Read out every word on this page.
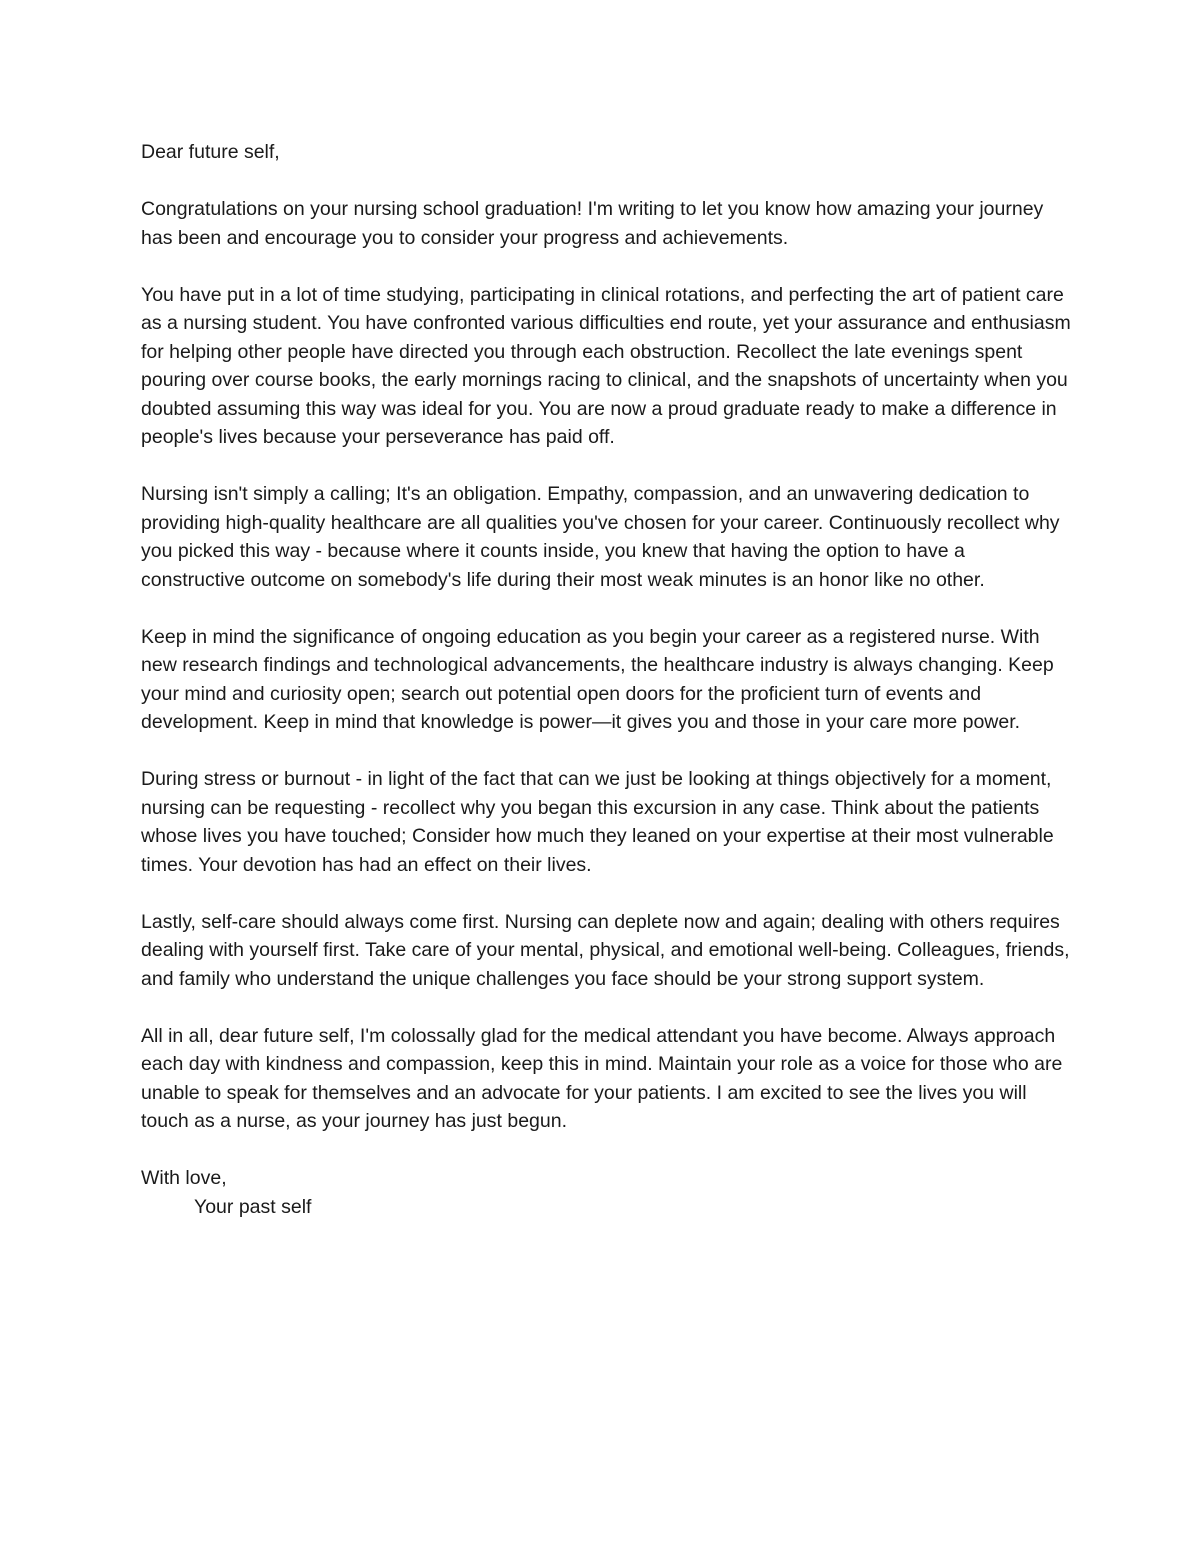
Dear future self,

Congratulations on your nursing school graduation! I'm writing to let you know how amazing your journey has been and encourage you to consider your progress and achievements.

You have put in a lot of time studying, participating in clinical rotations, and perfecting the art of patient care as a nursing student. You have confronted various difficulties end route, yet your assurance and enthusiasm for helping other people have directed you through each obstruction. Recollect the late evenings spent pouring over course books, the early mornings racing to clinical, and the snapshots of uncertainty when you doubted assuming this way was ideal for you. You are now a proud graduate ready to make a difference in people's lives because your perseverance has paid off.

Nursing isn't simply a calling; It's an obligation. Empathy, compassion, and an unwavering dedication to providing high-quality healthcare are all qualities you've chosen for your career. Continuously recollect why you picked this way - because where it counts inside, you knew that having the option to have a constructive outcome on somebody's life during their most weak minutes is an honor like no other.

Keep in mind the significance of ongoing education as you begin your career as a registered nurse. With new research findings and technological advancements, the healthcare industry is always changing. Keep your mind and curiosity open; search out potential open doors for the proficient turn of events and development. Keep in mind that knowledge is power—it gives you and those in your care more power.

During stress or burnout - in light of the fact that can we just be looking at things objectively for a moment, nursing can be requesting - recollect why you began this excursion in any case. Think about the patients whose lives you have touched; Consider how much they leaned on your expertise at their most vulnerable times. Your devotion has had an effect on their lives.

Lastly, self-care should always come first. Nursing can deplete now and again; dealing with others requires dealing with yourself first. Take care of your mental, physical, and emotional well-being. Colleagues, friends, and family who understand the unique challenges you face should be your strong support system.

All in all, dear future self, I'm colossally glad for the medical attendant you have become. Always approach each day with kindness and compassion, keep this in mind. Maintain your role as a voice for those who are unable to speak for themselves and an advocate for your patients. I am excited to see the lives you will touch as a nurse, as your journey has just begun.

With love,

Your past self
